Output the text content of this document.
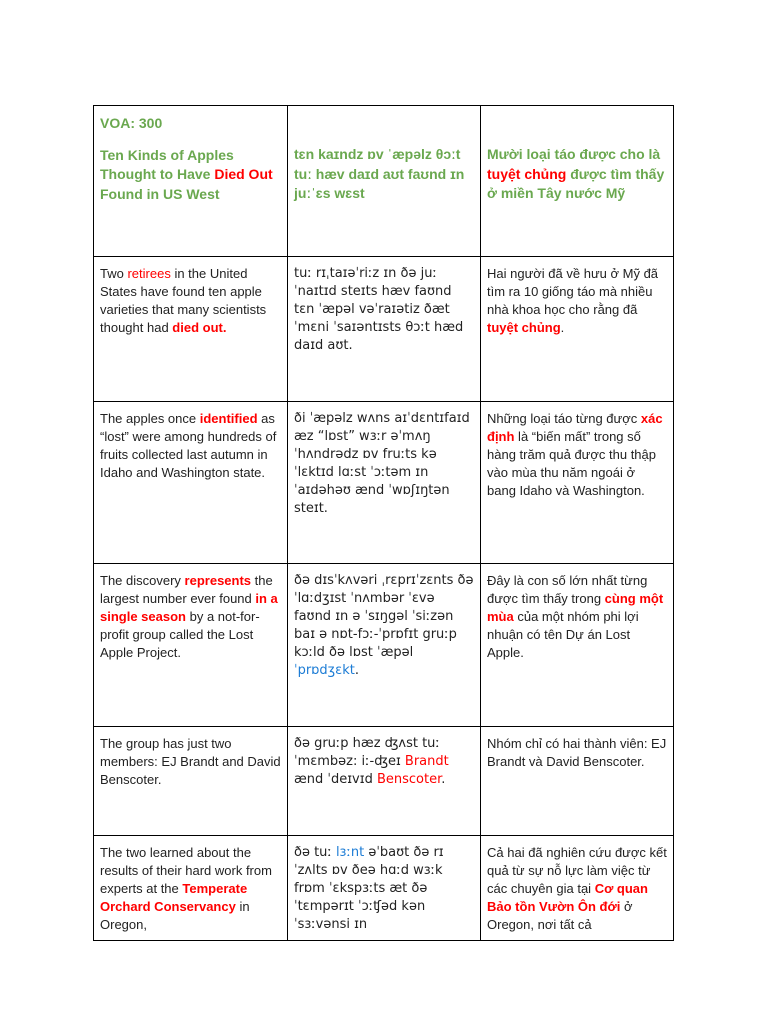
VOA: 300
Ten Kinds of Apples Thought to Have Died Out Found in US West	tɛn kaɪndz ɒv ˈæpəlz θɔːt tuː hæv daɪd aʊt faʊnd ɪn juːˈɛs wɛst	Mười loại táo được cho là tuyệt chủng được tìm thấy ở miền Tây nước Mỹ

Two retirees in the United States have found ten apple varieties that many scientists thought had died out.	tuː rɪˌtaɪəˈriːz ɪn ðə juːˈnaɪtɪd steɪts hæv faʊnd tɛn ˈæpəl vəˈraɪətiz ðæt ˈmɛni ˈsaɪəntɪsts θɔːt hæd daɪd aʊt.	Hai người đã về hưu ở Mỹ đã tìm ra 10 giống táo mà nhiều nhà khoa học cho rằng đã tuyệt chủng.
The apples once identified as “lost” were among hundreds of fruits collected last autumn in Idaho and Washington state.	ði ˈæpəlz wʌns aɪˈdɛntɪfaɪd æz “lɒst” wɜːr əˈmʌŋ ˈhʌndrədz ɒv fruːts kəˈlɛktɪd lɑːst ˈɔːtəm ɪn ˈaɪdəhəʊ ænd ˈwɒʃɪŋtən steɪt.	Những loại táo từng được xác định là “biến mất” trong số hàng trăm quả được thu thập vào mùa thu năm ngoái ở bang Idaho và Washington.
The discovery represents the largest number ever found in a single season by a not-for-profit group called the Lost Apple Project.	ðə dɪsˈkʌvəri ˌrɛprɪˈzɛnts ðə ˈlɑːdʒɪst ˈnʌmbər ˈɛvə faʊnd ɪn ə ˈsɪŋgəl ˈsiːzən baɪ ə nɒt-fɔː-ˈprɒfɪt gruːp kɔːld ðə lɒst ˈæpəl ˈprɒdʒɛkt.	Đây là con số lớn nhất từng được tìm thấy trong cùng một mùa của một nhóm phi lợi nhuận có tên Dự án Lost Apple.
The group has just two members: EJ Brandt and David Benscoter.	ðə gruːp hæz ʤʌst tuː ˈmɛmbəz: iː-ʤeɪ Brandt ænd ˈdeɪvɪd Benscoter.	Nhóm chỉ có hai thành viên: EJ Brandt và David Benscoter.
The two learned about the results of their hard work from experts at the Temperate Orchard Conservancy in Oregon,	ðə tuː lɜːnt əˈbaʊt ðə rɪˈzʌlts ɒv ðeə hɑːd wɜːk frɒm ˈɛkspɜːts æt ðə ˈtɛmpərɪt ˈɔːʧəd kənˈsɜːvənsi ɪn	Cả hai đã nghiên cứu được kết quả từ sự nỗ lực làm việc từ các chuyên gia tại Cơ quan Bảo tồn Vườn Ôn đới ở Oregon, nơi tất cả
